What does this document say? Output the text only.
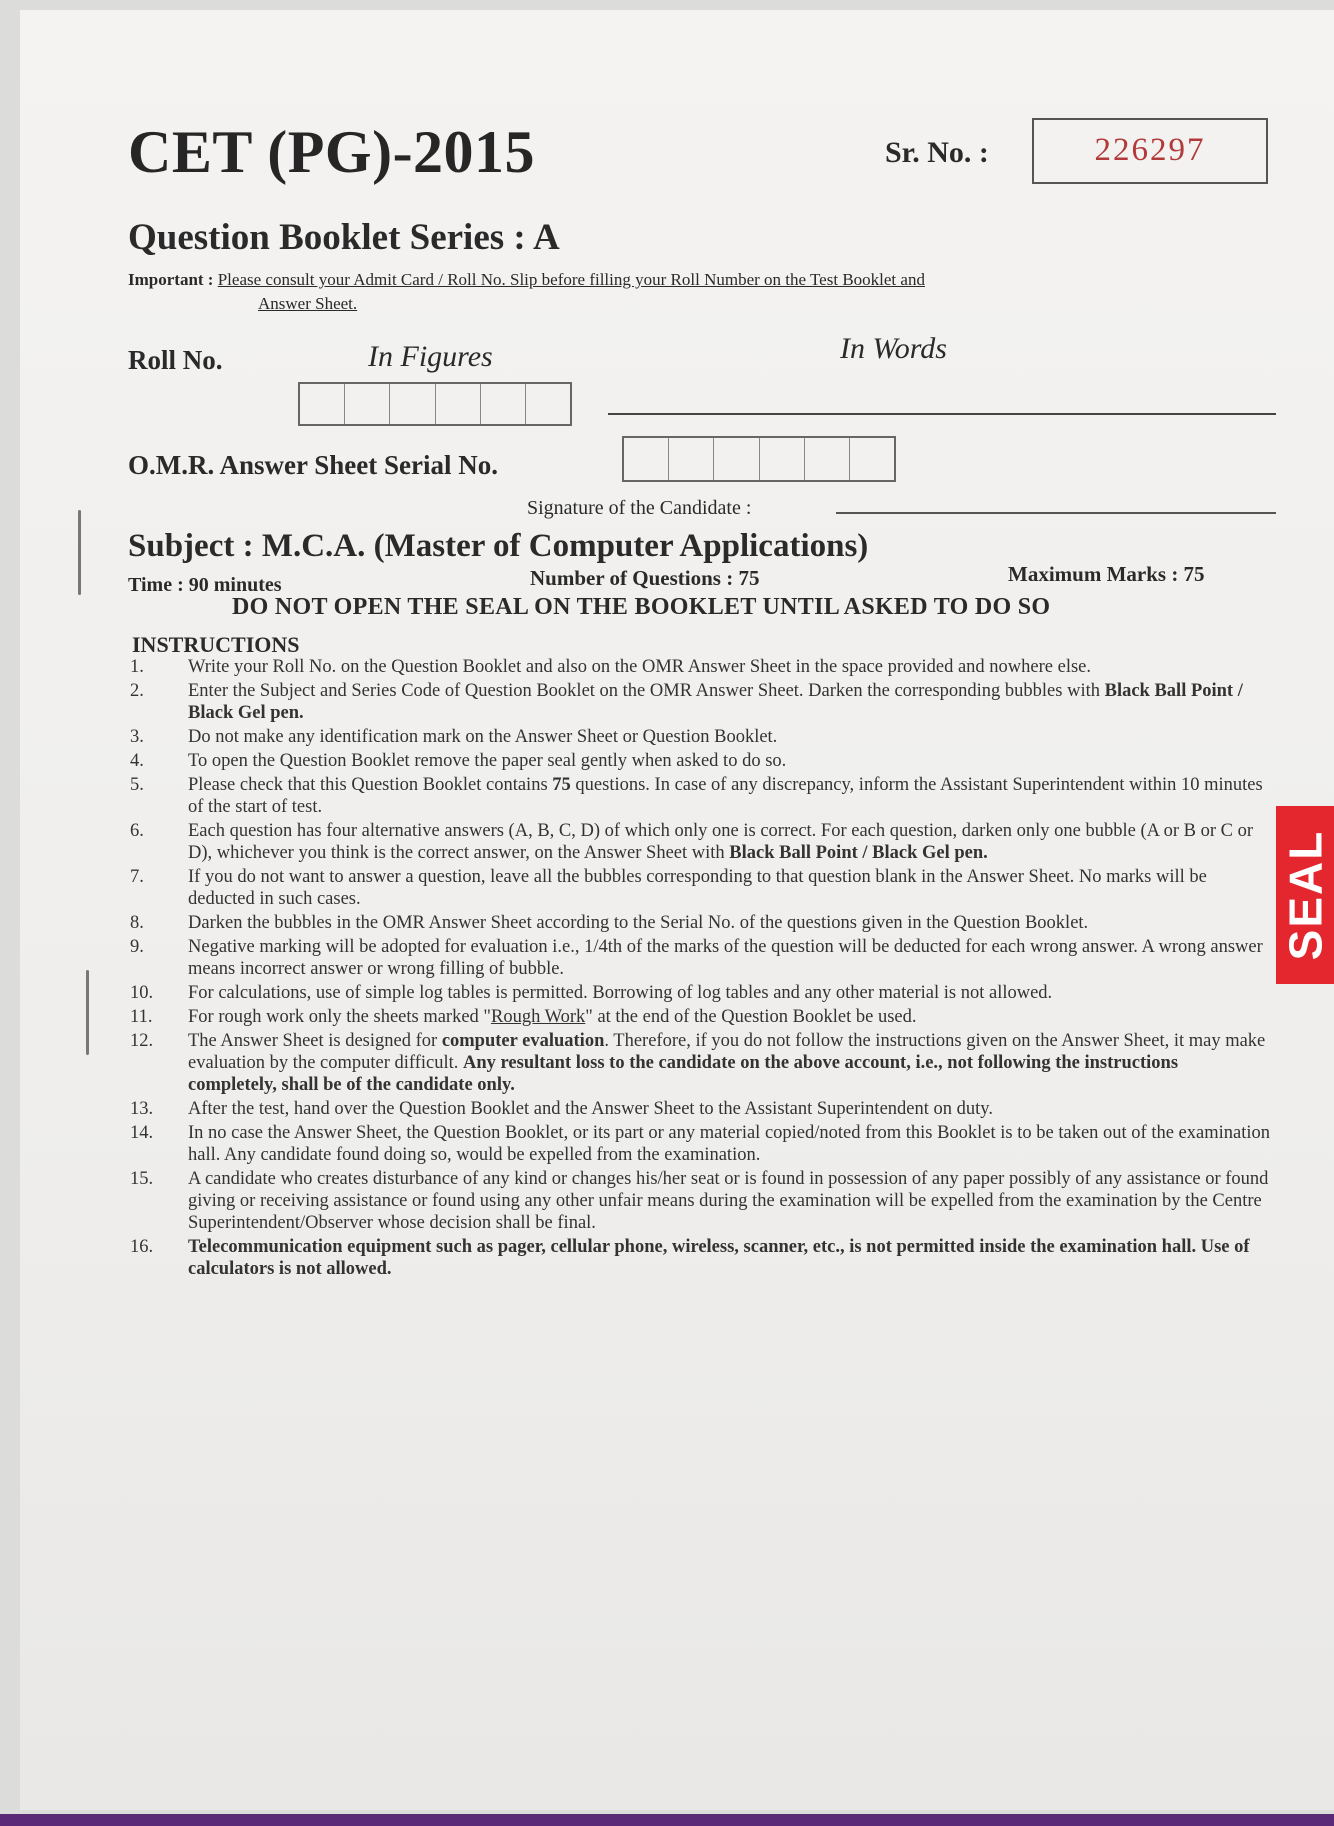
CET (PG)-2015	Sr. No. :	226297
Question Booklet Series : A
Important : Please consult your Admit Card / Roll No. Slip before filling your Roll Number on the Test Booklet and
Answer Sheet.
Roll No.	In Figures	In Words
O.M.R. Answer Sheet Serial No.
Signature of the Candidate :
Subject : M.C.A. (Master of Computer Applications)
Time : 90 minutes	Number of Questions : 75	Maximum Marks : 75
DO NOT OPEN THE SEAL ON THE BOOKLET UNTIL ASKED TO DO SO
INSTRUCTIONS
1. Write your Roll No. on the Question Booklet and also on the OMR Answer Sheet in the space provided and nowhere else.
2. Enter the Subject and Series Code of Question Booklet on the OMR Answer Sheet. Darken the corresponding bubbles with Black Ball Point / Black Gel pen.
3. Do not make any identification mark on the Answer Sheet or Question Booklet.
4. To open the Question Booklet remove the paper seal gently when asked to do so.
5. Please check that this Question Booklet contains 75 questions. In case of any discrepancy, inform the Assistant Superintendent within 10 minutes of the start of test.
6. Each question has four alternative answers (A, B, C, D) of which only one is correct. For each question, darken only one bubble (A or B or C or D), whichever you think is the correct answer, on the Answer Sheet with Black Ball Point / Black Gel pen.
7. If you do not want to answer a question, leave all the bubbles corresponding to that question blank in the Answer Sheet. No marks will be deducted in such cases.
8. Darken the bubbles in the OMR Answer Sheet according to the Serial No. of the questions given in the Question Booklet.
9. Negative marking will be adopted for evaluation i.e., 1/4th of the marks of the question will be deducted for each wrong answer. A wrong answer means incorrect answer or wrong filling of bubble.
10. For calculations, use of simple log tables is permitted. Borrowing of log tables and any other material is not allowed.
11. For rough work only the sheets marked "Rough Work" at the end of the Question Booklet be used.
12. The Answer Sheet is designed for computer evaluation. Therefore, if you do not follow the instructions given on the Answer Sheet, it may make evaluation by the computer difficult. Any resultant loss to the candidate on the above account, i.e., not following the instructions completely, shall be of the candidate only.
13. After the test, hand over the Question Booklet and the Answer Sheet to the Assistant Superintendent on duty.
14. In no case the Answer Sheet, the Question Booklet, or its part or any material copied/noted from this Booklet is to be taken out of the examination hall. Any candidate found doing so, would be expelled from the examination.
15. A candidate who creates disturbance of any kind or changes his/her seat or is found in possession of any paper possibly of any assistance or found giving or receiving assistance or found using any other unfair means during the examination will be expelled from the examination by the Centre Superintendent/Observer whose decision shall be final.
16. Telecommunication equipment such as pager, cellular phone, wireless, scanner, etc., is not permitted inside the examination hall. Use of calculators is not allowed.
SEAL
